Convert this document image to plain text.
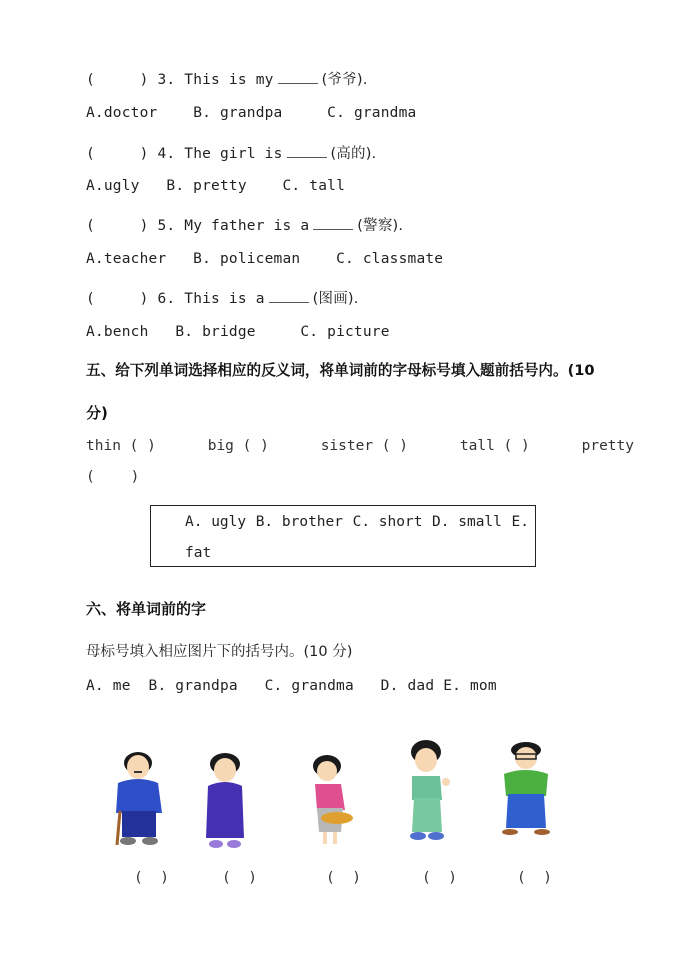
(     ) 3. This is my	(爷爷).
A.doctor B. grandpa	C. grandma
(     ) 4. The girl is	(高的).
A.ugly B. pretty C. tall
(     ) 5. My father is a	(警察).
A.teacher B. policeman C. classmate
(     ) 6. This is a	(图画).
A.bench B. bridge	C. picture
五、给下列单词选择相应的反义词，将单词前的字母标号填入题前括号内。(10
分)
thin ( )	big ( )	sister ( )	tall ( )	pretty
(    )
A. ugly B. brother C. short D. small E.
fat
六、将单词前的字
母标号填入相应图片下的括号内。(10 分)
A. me  B. grandpa   C. grandma   D. dad E. mom
(  )	(  )	(  )	(  )	(  )
